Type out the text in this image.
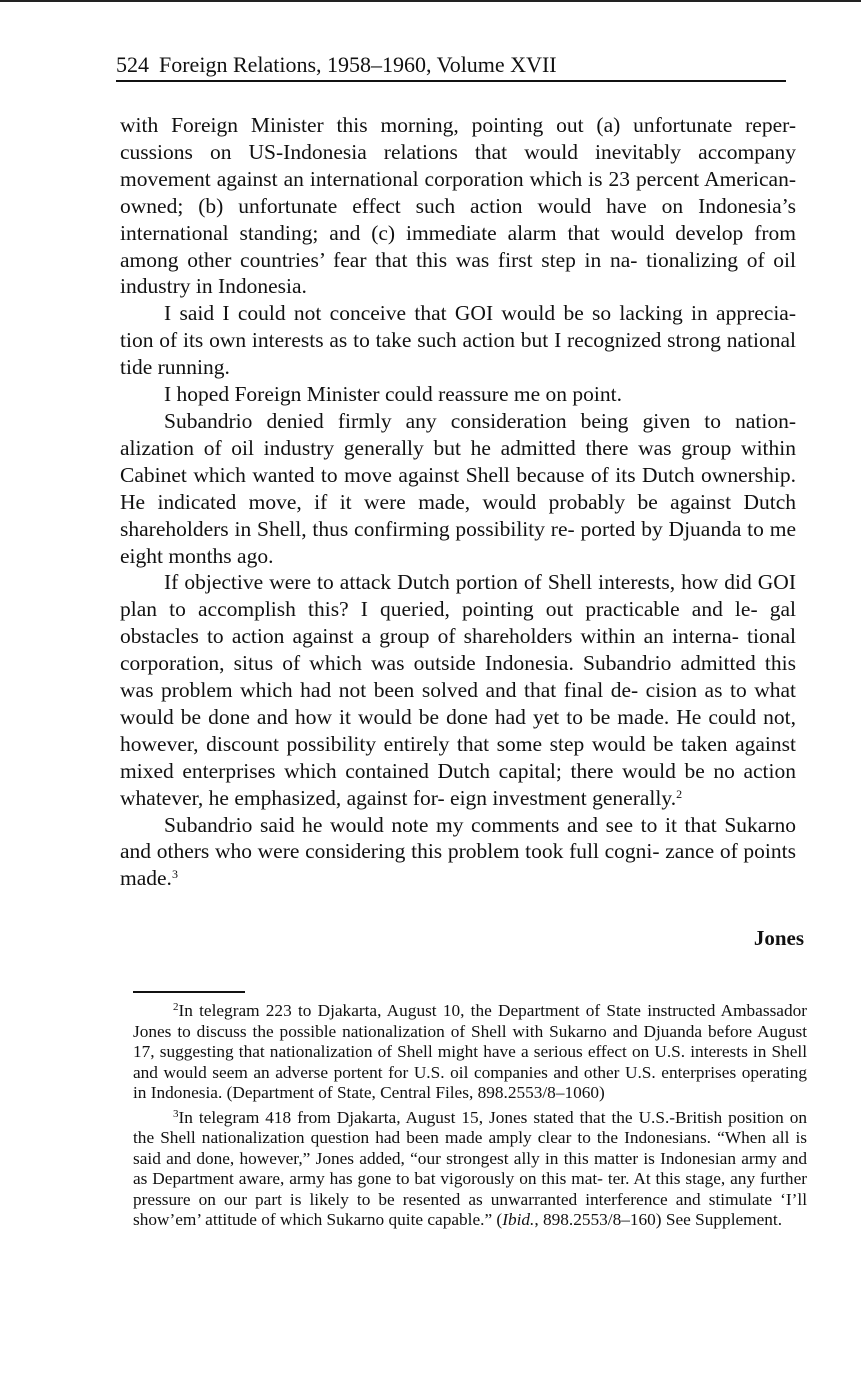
524 Foreign Relations, 1958–1960, Volume XVII

with Foreign Minister this morning, pointing out (a) unfortunate reper- cussions on US-Indonesia relations that would inevitably accompany movement against an international corporation which is 23 percent American-owned; (b) unfortunate effect such action would have on Indonesia’s international standing; and (c) immediate alarm that would develop from among other countries’ fear that this was first step in na- tionalizing of oil industry in Indonesia.

I said I could not conceive that GOI would be so lacking in apprecia- tion of its own interests as to take such action but I recognized strong national tide running.

I hoped Foreign Minister could reassure me on point.

Subandrio denied firmly any consideration being given to nation- alization of oil industry generally but he admitted there was group within Cabinet which wanted to move against Shell because of its Dutch ownership. He indicated move, if it were made, would probably be against Dutch shareholders in Shell, thus confirming possibility re- ported by Djuanda to me eight months ago.

If objective were to attack Dutch portion of Shell interests, how did GOI plan to accomplish this? I queried, pointing out practicable and le- gal obstacles to action against a group of shareholders within an interna- tional corporation, situs of which was outside Indonesia. Subandrio admitted this was problem which had not been solved and that final de- cision as to what would be done and how it would be done had yet to be made. He could not, however, discount possibility entirely that some step would be taken against mixed enterprises which contained Dutch capital; there would be no action whatever, he emphasized, against for- eign investment generally.$^2$

Subandrio said he would note my comments and see to it that Sukarno and others who were considering this problem took full cogni- zance of points made.$^3$

Jones

$^2$In telegram 223 to Djakarta, August 10, the Department of State instructed Ambassador Jones to discuss the possible nationalization of Shell with Sukarno and Djuanda before August 17, suggesting that nationalization of Shell might have a serious effect on U.S. interests in Shell and would seem an adverse portent for U.S. oil companies and other U.S. enterprises operating in Indonesia. (Department of State, Central Files, 898.2553/8–1060)

$^3$In telegram 418 from Djakarta, August 15, Jones stated that the U.S.-British position on the Shell nationalization question had been made amply clear to the Indonesians. “When all is said and done, however,” Jones added, “our strongest ally in this matter is Indonesian army and as Department aware, army has gone to bat vigorously on this mat- ter. At this stage, any further pressure on our part is likely to be resented as unwarranted interference and stimulate ‘I’ll show’em’ attitude of which Sukarno quite capable.” (Ibid., 898.2553/8–160) See Supplement.
